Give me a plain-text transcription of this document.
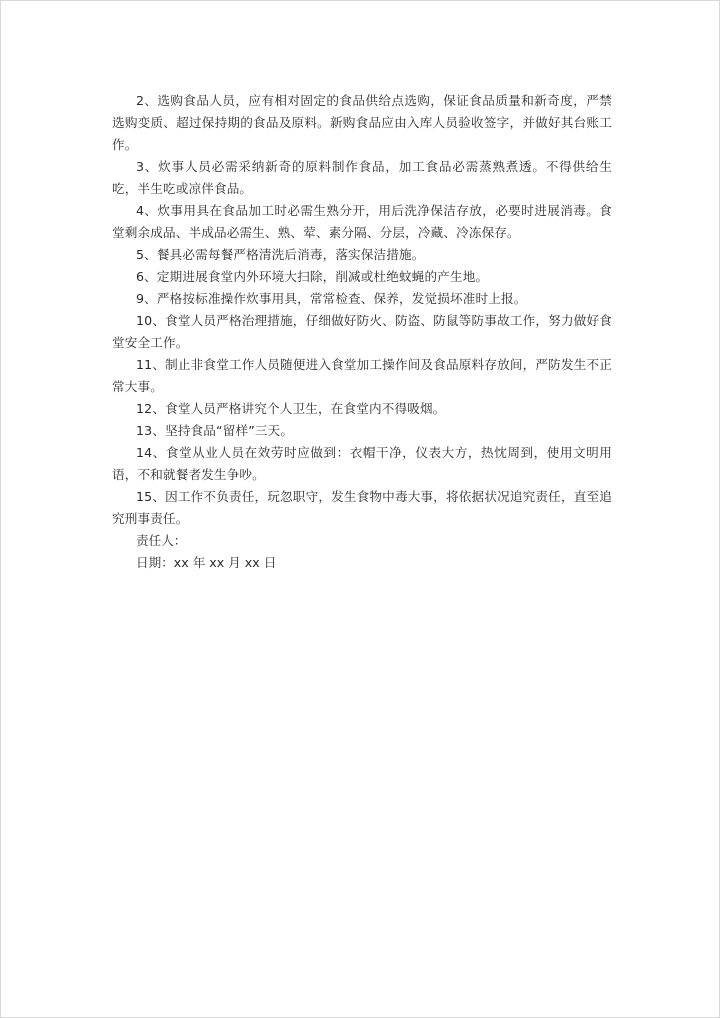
2、选购食品人员，应有相对固定的食品供给点选购，保证食品质量和新奇度，严禁选购变质、超过保持期的食品及原料。新购食品应由入库人员验收签字，并做好其台账工作。

3、炊事人员必需采纳新奇的原料制作食品，加工食品必需蒸熟煮透。不得供给生吃，半生吃或凉伴食品。

4、炊事用具在食品加工时必需生熟分开，用后洗净保洁存放，必要时进展消毒。食堂剩余成品、半成品必需生、熟、荤、素分隔、分层，冷藏、冷冻保存。

5、餐具必需每餐严格清洗后消毒，落实保洁措施。

6、定期进展食堂内外环境大扫除，削减或杜绝蚊蝇的产生地。

9、严格按标准操作炊事用具，常常检查、保养，发觉损坏准时上报。

10、食堂人员严格治理措施，仔细做好防火、防盗、防鼠等防事故工作，努力做好食堂安全工作。

11、制止非食堂工作人员随便进入食堂加工操作间及食品原料存放间，严防发生不正常大事。

12、食堂人员严格讲究个人卫生，在食堂内不得吸烟。

13、坚持食品“留样”三天。

14、食堂从业人员在效劳时应做到：衣帽干净，仪表大方，热忱周到，使用文明用语，不和就餐者发生争吵。

15、因工作不负责任，玩忽职守，发生食物中毒大事，将依据状况追究责任，直至追究刑事责任。

责任人：

日期：xx 年 xx 月 xx 日
